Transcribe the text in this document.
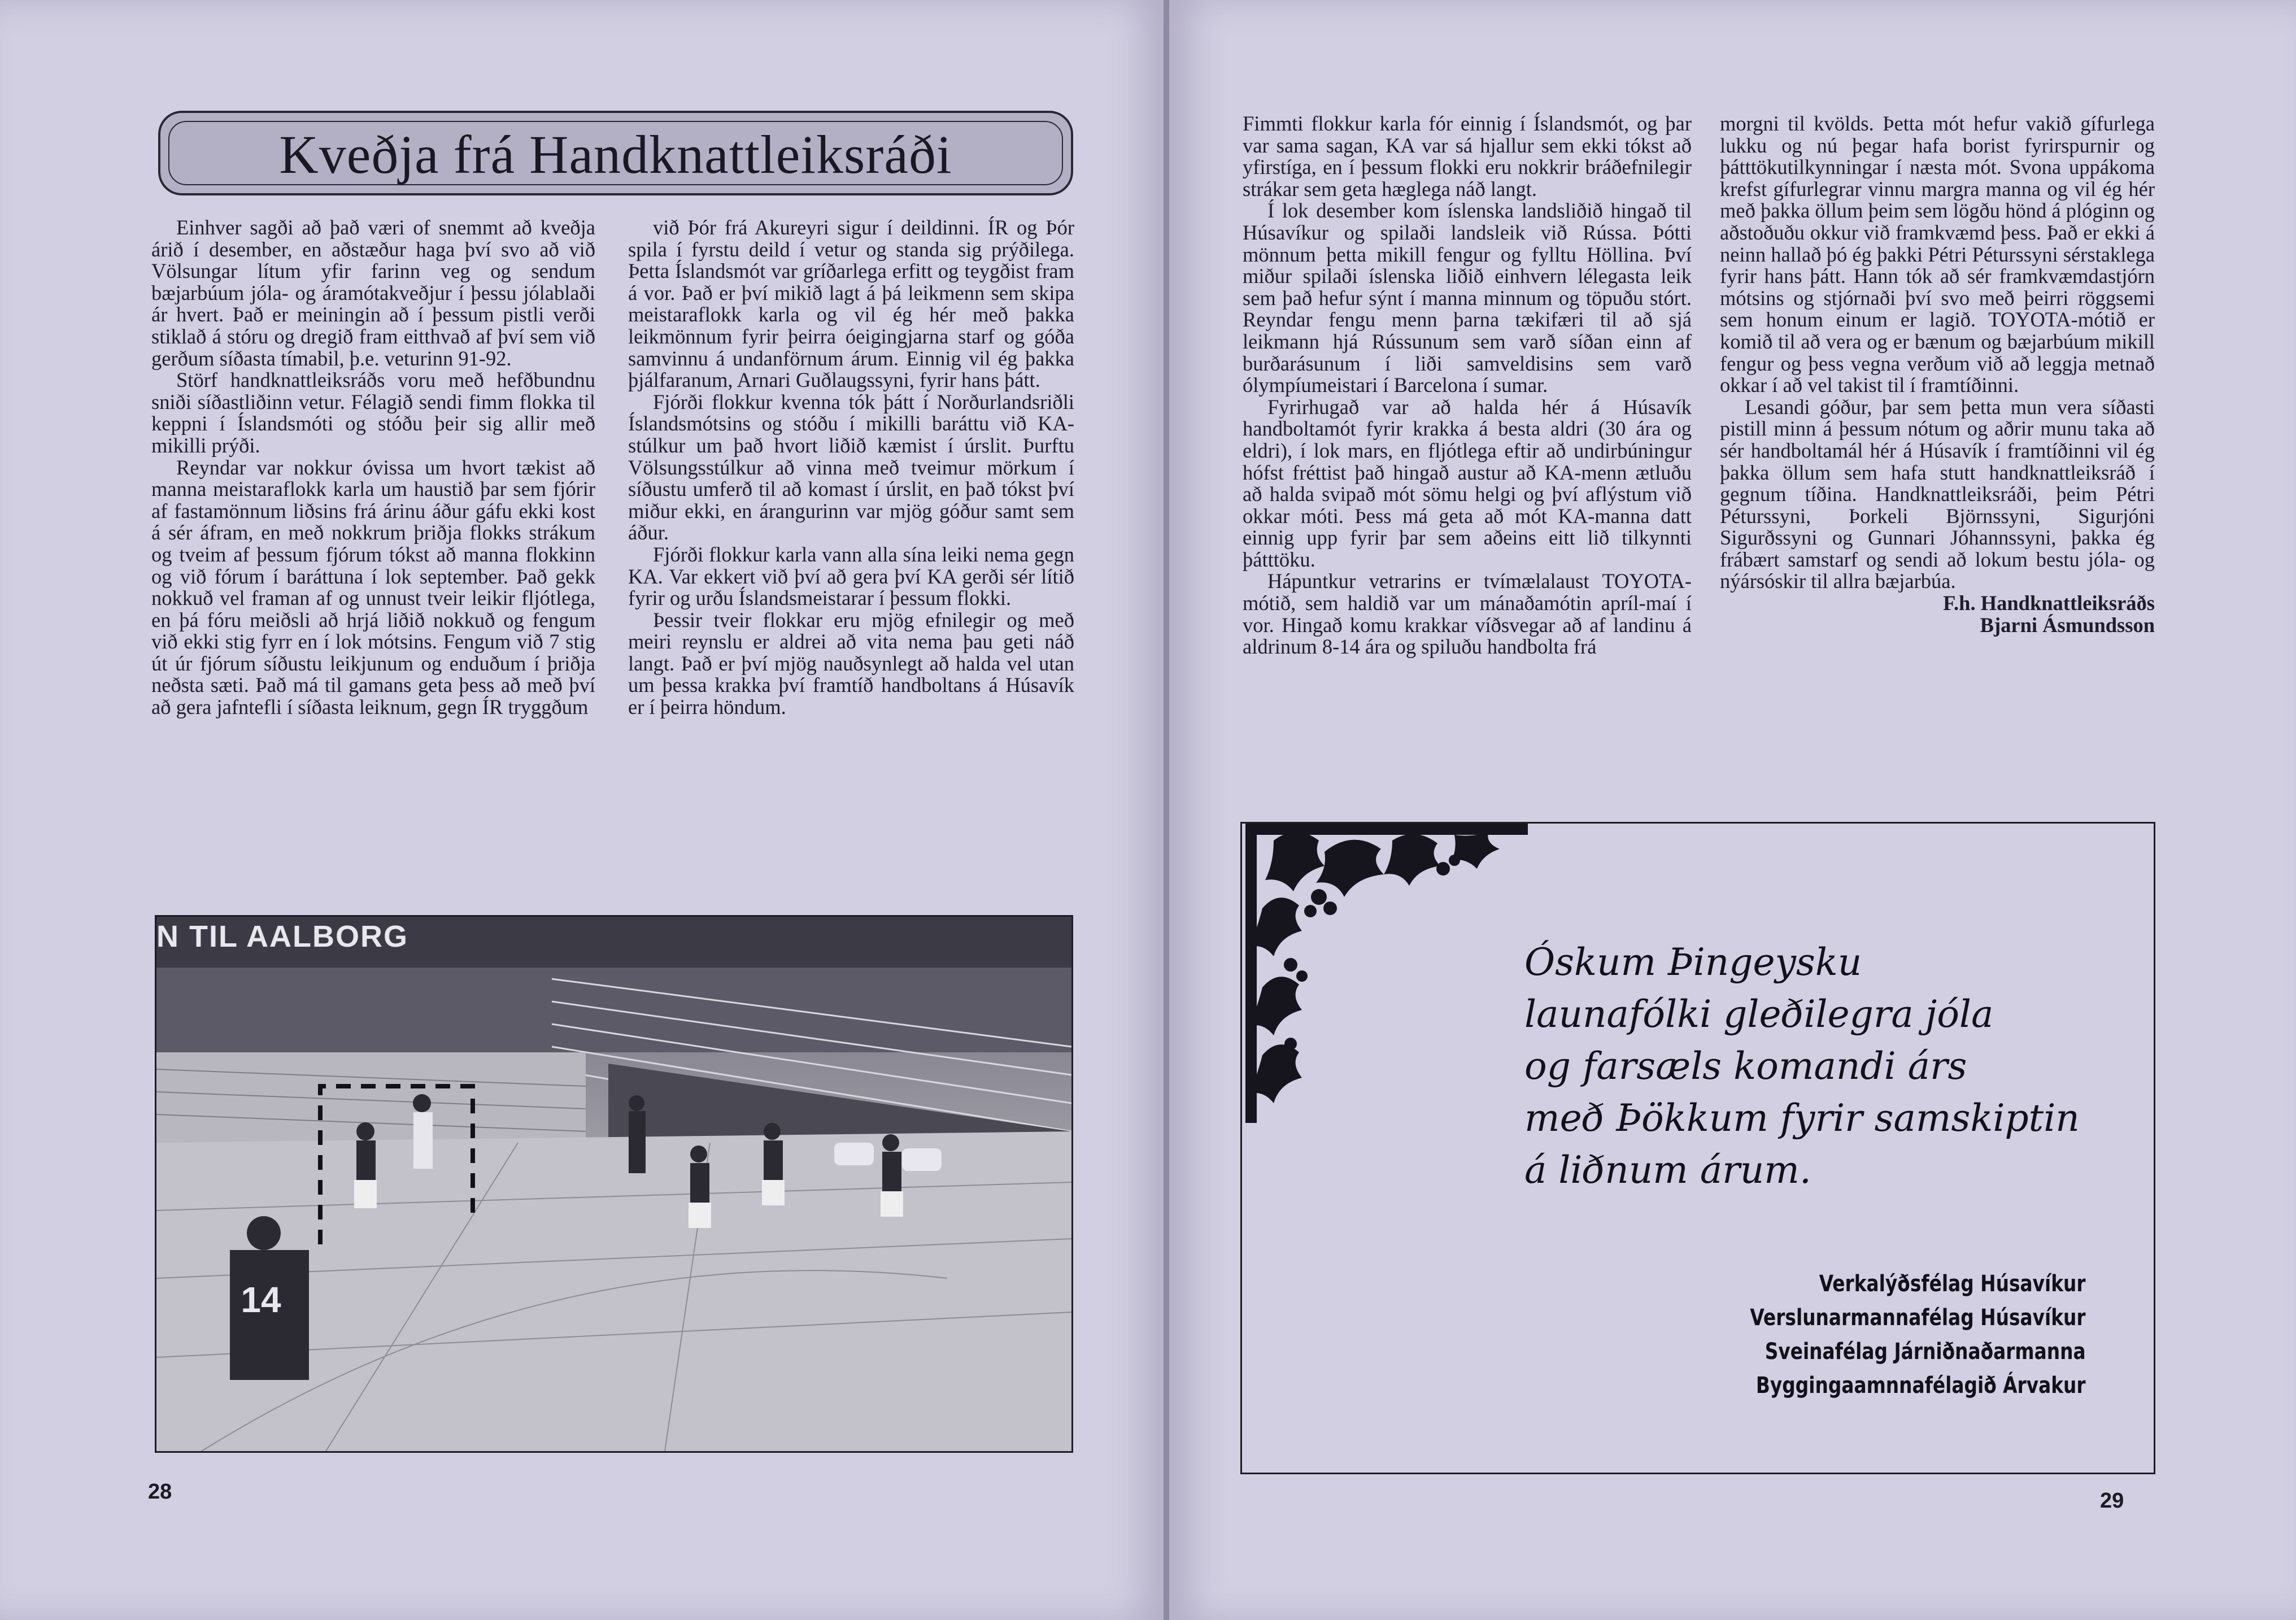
Kveðja frá Handknattleiksráði

Einhver sagði að það væri of snemmt að kveðja árið í desember, en aðstæður haga því svo að við Völsungar lítum yfir farinn veg og sendum bæjarbúum jóla- og áramótakveðjur í þessu jólablaði ár hvert. Það er meiningin að í þessum pistli verði stiklað á stóru og dregið fram eitthvað af því sem við gerðum síðasta tímabil, þ.e. veturinn 91-92.

Störf handknattleiksráðs voru með hefðbundnu sniði síðastliðinn vetur. Félagið sendi fimm flokka til keppni í Íslandsmóti og stóðu þeir sig allir með mikilli prýði.

Reyndar var nokkur óvissa um hvort tækist að manna meistaraflokk karla um haustið þar sem fjórir af fastamönnum liðsins frá árinu áður gáfu ekki kost á sér áfram, en með nokkrum þriðja flokks strákum og tveim af þessum fjórum tókst að manna flokkinn og við fórum í baráttuna í lok september. Það gekk nokkuð vel framan af og unnust tveir leikir fljótlega, en þá fóru meiðsli að hrjá liðið nokkuð og fengum við ekki stig fyrr en í lok mótsins. Fengum við 7 stig út úr fjórum síðustu leikjunum og enduðum í þriðja neðsta sæti. Það má til gamans geta þess að með því að gera jafntefli í síðasta leiknum, gegn ÍR tryggðum

við Þór frá Akureyri sigur í deildinni. ÍR og Þór spila í fyrstu deild í vetur og standa sig prýðilega. Þetta Íslandsmót var gríðarlega erfitt og teygðist fram á vor. Það er því mikið lagt á þá leikmenn sem skipa meistaraflokk karla og vil ég hér með þakka leikmönnum fyrir þeirra óeigingjarna starf og góða samvinnu á undanförnum árum. Einnig vil ég þakka þjálfaranum, Arnari Guðlaugssyni, fyrir hans þátt.

Fjórði flokkur kvenna tók þátt í Norðurlandsriðli Íslandsmótsins og stóðu í mikilli baráttu við KA-stúlkur um það hvort liðið kæmist í úrslit. Þurftu Völsungsstúlkur að vinna með tveimur mörkum í síðustu umferð til að komast í úrslit, en það tókst því miður ekki, en árangurinn var mjög góður samt sem áður.

Fjórði flokkur karla vann alla sína leiki nema gegn KA. Var ekkert við því að gera því KA gerði sér lítið fyrir og urðu Íslandsmeistarar í þessum flokki.

Þessir tveir flokkar eru mjög efnilegir og með meiri reynslu er aldrei að vita nema þau geti náð langt. Það er því mjög nauðsynlegt að halda vel utan um þessa krakka því framtíð handboltans á Húsavík er í þeirra höndum.

14
N TIL AALBORG
28

Fimmti flokkur karla fór einnig í Íslandsmót, og þar var sama sagan, KA var sá hjallur sem ekki tókst að yfirstíga, en í þessum flokki eru nokkrir bráðefnilegir strákar sem geta hæglega náð langt.

Í lok desember kom íslenska landsliðið hingað til Húsavíkur og spilaði landsleik við Rússa. Þótti mönnum þetta mikill fengur og fylltu Höllina. Því miður spilaði íslenska liðið einhvern lélegasta leik sem það hefur sýnt í manna minnum og töpuðu stórt. Reyndar fengu menn þarna tækifæri til að sjá leikmann hjá Rússunum sem varð síðan einn af burðarásunum í liði samveldisins sem varð ólympíumeistari í Barcelona í sumar.

Fyrirhugað var að halda hér á Húsavík handboltamót fyrir krakka á besta aldri (30 ára og eldri), í lok mars, en fljótlega eftir að undirbúningur hófst fréttist það hingað austur að KA-menn ætluðu að halda svipað mót sömu helgi og því aflýstum við okkar móti. Þess má geta að mót KA-manna datt einnig upp fyrir þar sem aðeins eitt lið tilkynnti þátttöku.

Hápuntkur vetrarins er tvímælalaust TOYOTA-mótið, sem haldið var um mánaðamótin apríl-maí í vor. Hingað komu krakkar víðsvegar að af landinu á aldrinum 8-14 ára og spiluðu handbolta frá

morgni til kvölds. Þetta mót hefur vakið gífurlega lukku og nú þegar hafa borist fyrirspurnir og þátttökutilkynningar í næsta mót. Svona uppákoma krefst gífurlegrar vinnu margra manna og vil ég hér með þakka öllum þeim sem lögðu hönd á plóginn og aðstoðuðu okkur við framkvæmd þess. Það er ekki á neinn hallað þó ég þakki Pétri Péturssyni sérstaklega fyrir hans þátt. Hann tók að sér framkvæmdastjórn mótsins og stjórnaði því svo með þeirri röggsemi sem honum einum er lagið. TOYOTA-mótið er komið til að vera og er bænum og bæjarbúum mikill fengur og þess vegna verðum við að leggja metnað okkar í að vel takist til í framtíðinni.

Lesandi góður, þar sem þetta mun vera síðasti pistill minn á þessum nótum og aðrir munu taka að sér handboltamál hér á Húsavík í framtíðinni vil ég þakka öllum sem hafa stutt handknattleiksráð í gegnum tíðina. Handknattleiksráði, þeim Pétri Péturssyni, Þorkeli Björnssyni, Sigurjóni Sigurðssyni og Gunnari Jóhannssyni, þakka ég frábært samstarf og sendi að lokum bestu jóla- og nýársóskir til allra bæjarbúa.

F.h. Handknattleiksráðs

Bjarni Ásmundsson

Óskum Þingeysku
launafólki gleðilegra jóla
og farsæls komandi árs
með Þökkum fyrir samskiptin
á liðnum árum.
Verkalýðsfélag Húsavíkur
Verslunarmannafélag Húsavíkur
Sveinafélag Járniðnaðarmanna
Byggingaamnnafélagið Árvakur
29
